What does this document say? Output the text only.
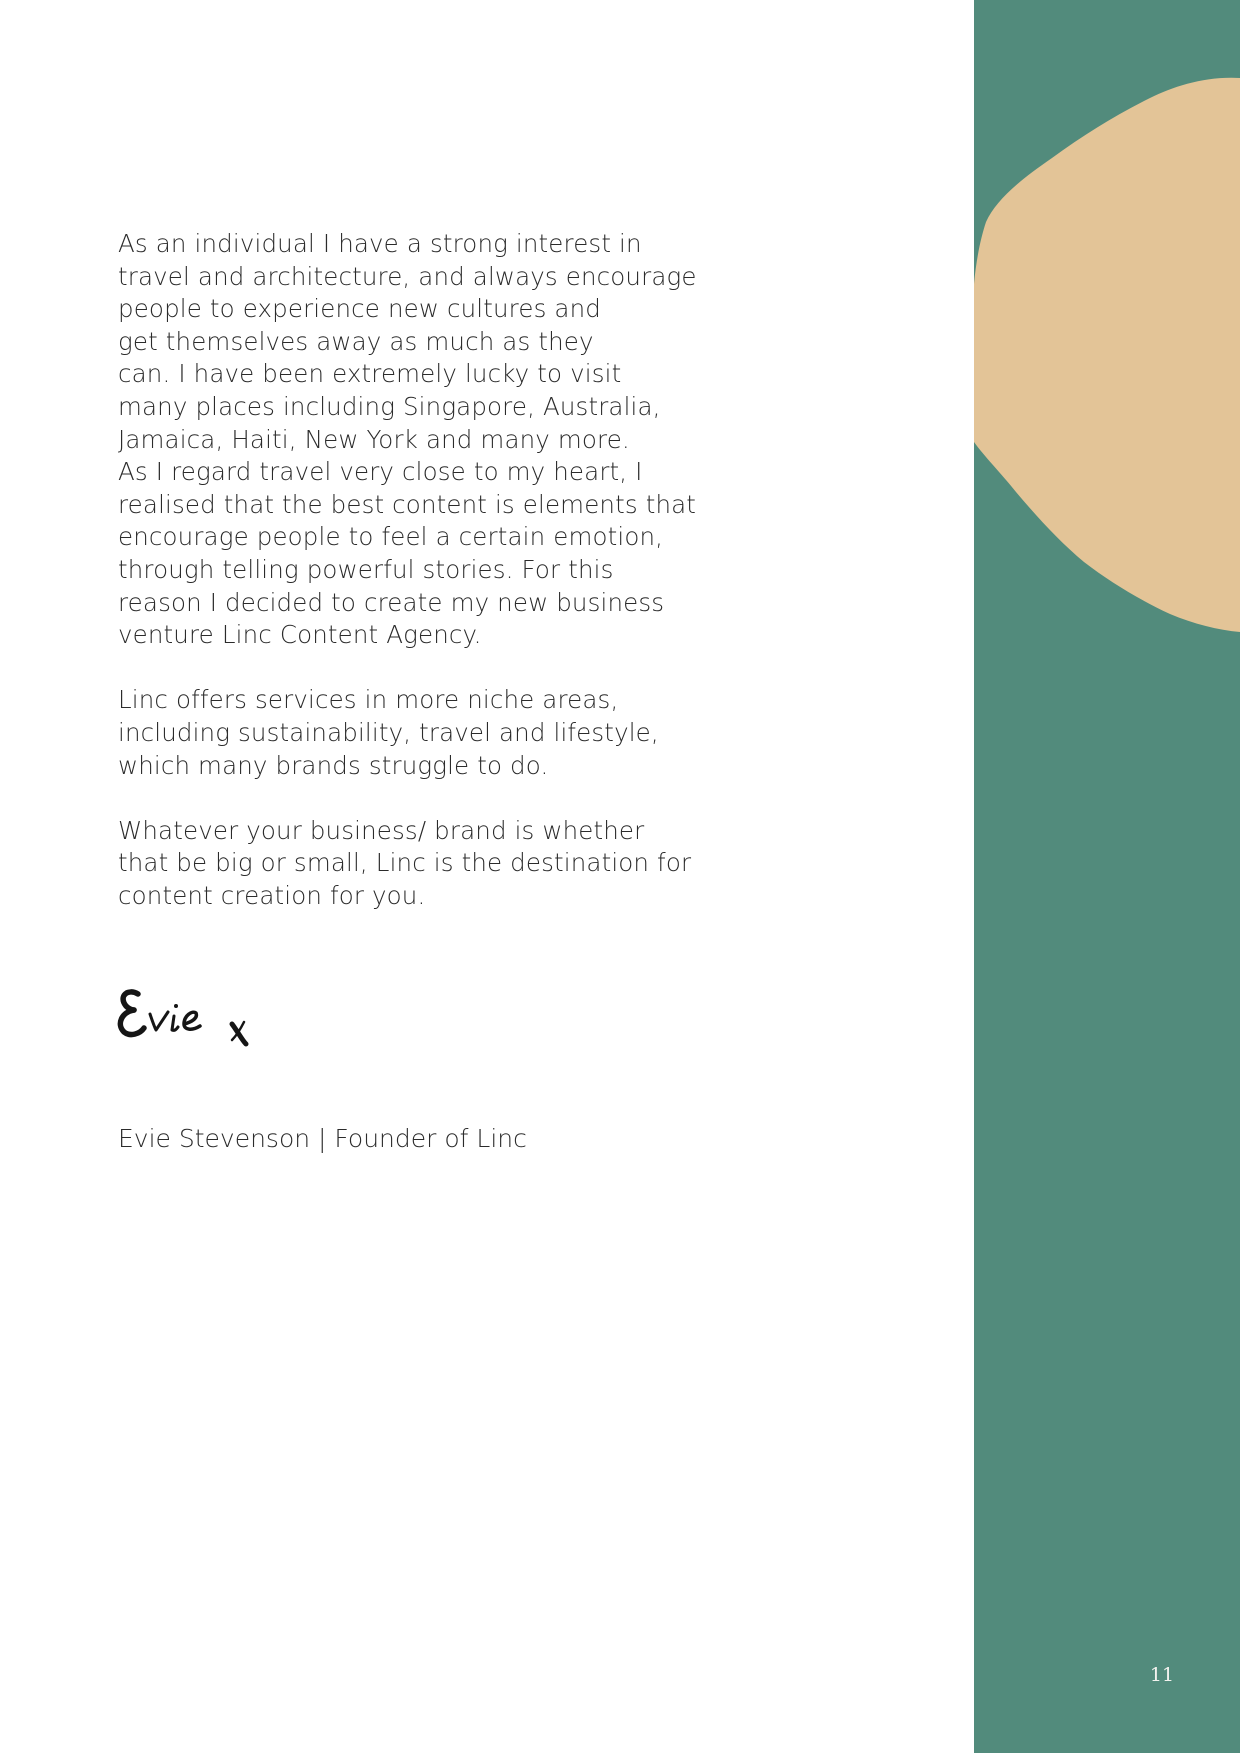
As an individual I have a strong interest in
travel and architecture, and always encourage
people to experience new cultures and
get themselves away as much as they
can. I have been extremely lucky to visit
many places including Singapore, Australia,
Jamaica, Haiti, New York and many more.
As I regard travel very close to my heart, I
realised that the best content is elements that
encourage people to feel a certain emotion,
through telling powerful stories. For this
reason I decided to create my new business
venture Linc Content Agency.
Linc offers services in more niche areas,
including sustainability, travel and lifestyle,
which many brands struggle to do.
Whatever your business/ brand is whether
that be big or small, Linc is the destination for
content creation for you.

Evie Stevenson | Founder of Linc

11
